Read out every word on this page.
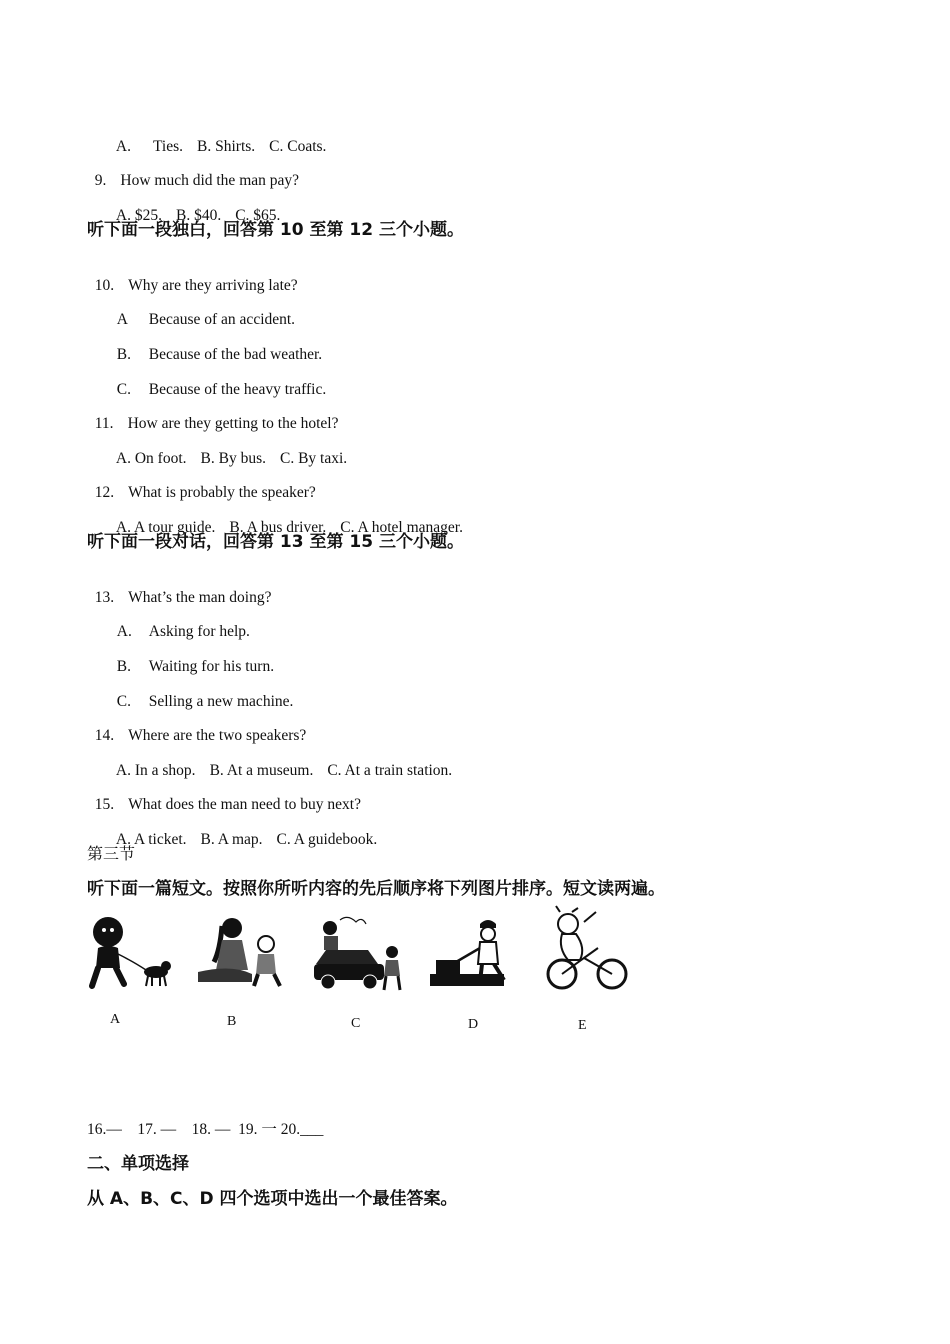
A. Ties. B. Shirts. C. Coats.

9. How much did the man pay?

A. $25. B. $40. C. $65.

听下面一段独白，回答第 10 至第 12 三个小题。

10. Why are they arriving late?

A Because of an accident.

B. Because of the bad weather.

C. Because of the heavy traffic.

11. How are they getting to the hotel?

A. On foot. B. By bus. C. By taxi.

12. What is probably the speaker?

A. A tour guide. B. A bus driver. C. A hotel manager.

听下面一段对话，回答第 13 至第 15 三个小题。

13. What’s the man doing?

A. Asking for help.

B. Waiting for his turn.

C. Selling a new machine.

14. Where are the two speakers?

A. In a shop. B. At a museum. C. At a train station.

15. What does the man need to buy next?

A. A ticket. B. A map. C. A guidebook.

第三节
听下面一篇短文。按照你所听内容的先后顺序将下列图片排序。短文读两遍。
A	B	C	D	E
16.—    17. —    18. —  19. 一 20.___
二、单项选择
从 A、B、C、D 四个选项中选出一个最佳答案。
